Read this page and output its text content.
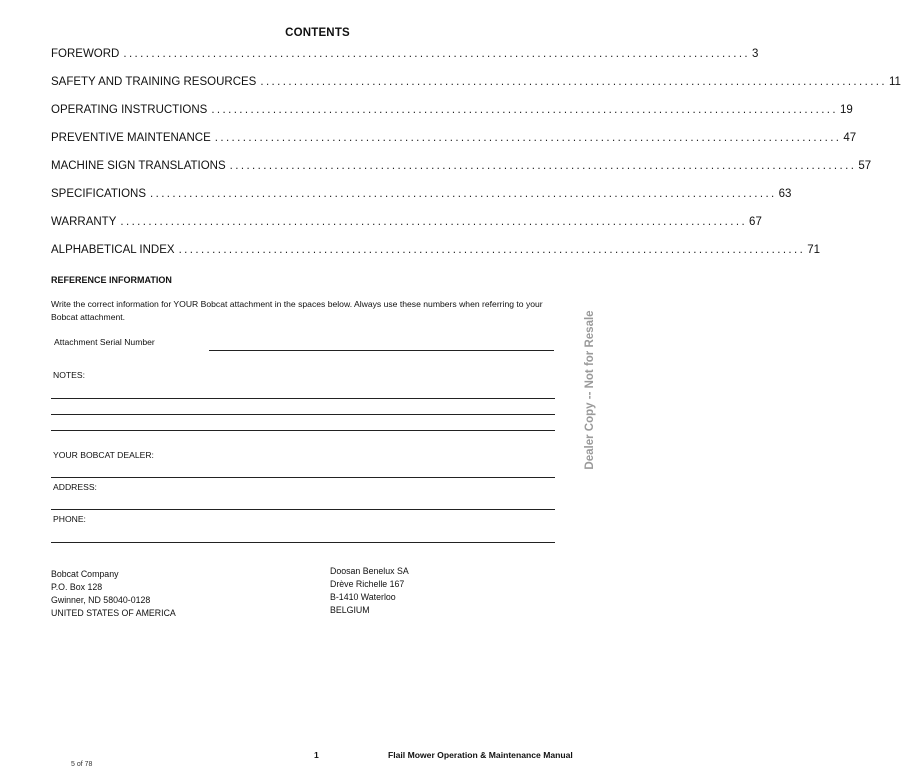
CONTENTS
FOREWORD ................................................................................................................ 3
SAFETY AND TRAINING RESOURCES ................................................................................................................ 11
OPERATING INSTRUCTIONS ................................................................................................................ 19
PREVENTIVE MAINTENANCE ................................................................................................................ 47
MACHINE SIGN TRANSLATIONS ................................................................................................................ 57
SPECIFICATIONS ................................................................................................................ 63
WARRANTY ................................................................................................................ 67
ALPHABETICAL INDEX ................................................................................................................ 71
REFERENCE INFORMATION
Write the correct information for YOUR Bobcat attachment in the spaces below. Always use these numbers when referring to your Bobcat attachment.
Attachment Serial Number
NOTES:
YOUR BOBCAT DEALER:
ADDRESS:
PHONE:
Bobcat Company
P.O. Box 128
Gwinner, ND 58040-0128
UNITED STATES OF AMERICA
Doosan Benelux SA
Drève Richelle 167
B-1410 Waterloo
BELGIUM
Dealer Copy -- Not for Resale
1	Flail Mower Operation & Maintenance Manual
5 of 78
